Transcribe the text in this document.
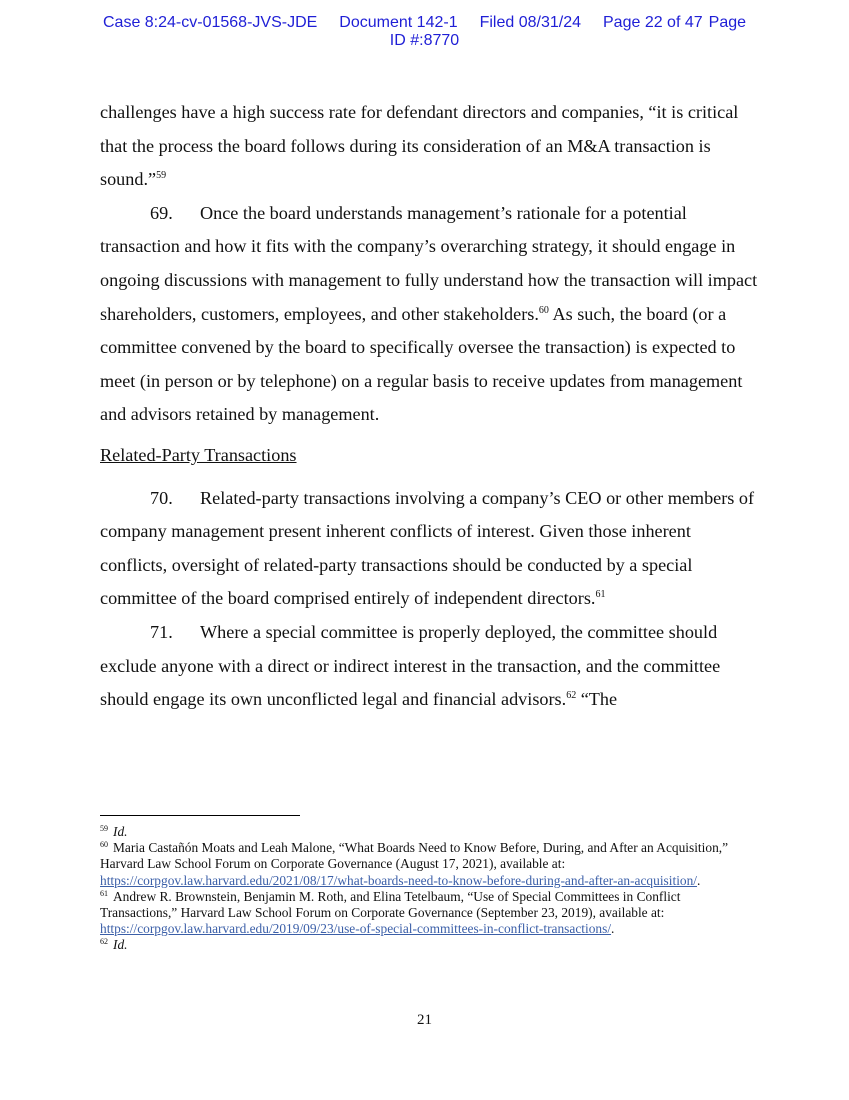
Case 8:24-cv-01568-JVS-JDE Document 142-1 Filed 08/31/24 Page 22 of 47 Page
ID #:8770

challenges have a high success rate for defendant directors and companies, “it is critical that the process the board follows during its consideration of an M&A transaction is sound.”$^{59}$

69. Once the board understands management’s rationale for a potential transaction and how it fits with the company’s overarching strategy, it should engage in ongoing discussions with management to fully understand how the transaction will impact shareholders, customers, employees, and other stakeholders.$^{60}$ As such, the board (or a committee convened by the board to specifically oversee the transaction) is expected to meet (in person or by telephone) on a regular basis to receive updates from management and advisors retained by management.

Related-Party Transactions

70. Related-party transactions involving a company’s CEO or other members of company management present inherent conflicts of interest. Given those inherent conflicts, oversight of related-party transactions should be conducted by a special committee of the board comprised entirely of independent directors.$^{61}$

71. Where a special committee is properly deployed, the committee should exclude anyone with a direct or indirect interest in the transaction, and the committee should engage its own unconflicted legal and financial advisors.$^{62}$ “The

$^{59}$ Id.

$^{60}$ Maria Castañón Moats and Leah Malone, “What Boards Need to Know Before, During, and After an Acquisition,” Harvard Law School Forum on Corporate Governance (August 17, 2021), available at: https://corpgov.law.harvard.edu/2021/08/17/what-boards-need-to-know-before-during-and-after-an-acquisition/.

$^{61}$ Andrew R. Brownstein, Benjamin M. Roth, and Elina Tetelbaum, “Use of Special Committees in Conflict Transactions,” Harvard Law School Forum on Corporate Governance (September 23, 2019), available at: https://corpgov.law.harvard.edu/2019/09/23/use-of-special-committees-in-conflict-transactions/.

$^{62}$ Id.

21
